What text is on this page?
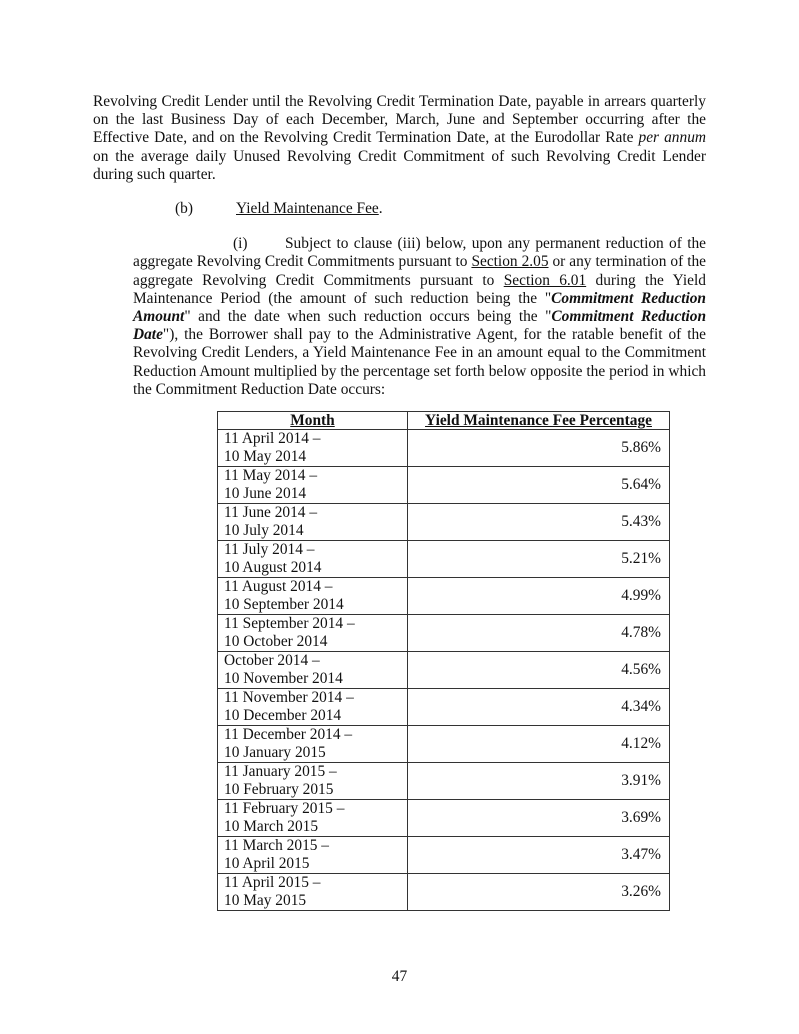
Revolving Credit Lender until the Revolving Credit Termination Date, payable in arrears quarterly on the last Business Day of each December, March, June and September occurring after the Effective Date, and on the Revolving Credit Termination Date, at the Eurodollar Rate per annum on the average daily Unused Revolving Credit Commitment of such Revolving Credit Lender during such quarter.

(b)	Yield Maintenance Fee.

(i) Subject to clause (iii) below, upon any permanent reduction of the aggregate Revolving Credit Commitments pursuant to Section 2.05 or any termination of the aggregate Revolving Credit Commitments pursuant to Section 6.01 during the Yield Maintenance Period (the amount of such reduction being the "Commitment Reduction Amount" and the date when such reduction occurs being the "Commitment Reduction Date"), the Borrower shall pay to the Administrative Agent, for the ratable benefit of the Revolving Credit Lenders, a Yield Maintenance Fee in an amount equal to the Commitment Reduction Amount multiplied by the percentage set forth below opposite the period in which the Commitment Reduction Date occurs:

Month	Yield Maintenance Fee Percentage
11 April 2014 –
10 May 2014	5.86%
11 May 2014 –
10 June 2014	5.64%
11 June 2014 –
10 July 2014	5.43%
11 July 2014 –
10 August 2014	5.21%
11 August 2014 –
10 September 2014	4.99%
11 September 2014 –
10 October 2014	4.78%
October 2014 –
10 November 2014	4.56%
11 November 2014 –
10 December 2014	4.34%
11 December 2014 –
10 January 2015	4.12%
11 January 2015 –
10 February 2015	3.91%
11 February 2015 –
10 March 2015	3.69%
11 March 2015 –
10 April 2015	3.47%
11 April 2015 –
10 May 2015	3.26%
47
